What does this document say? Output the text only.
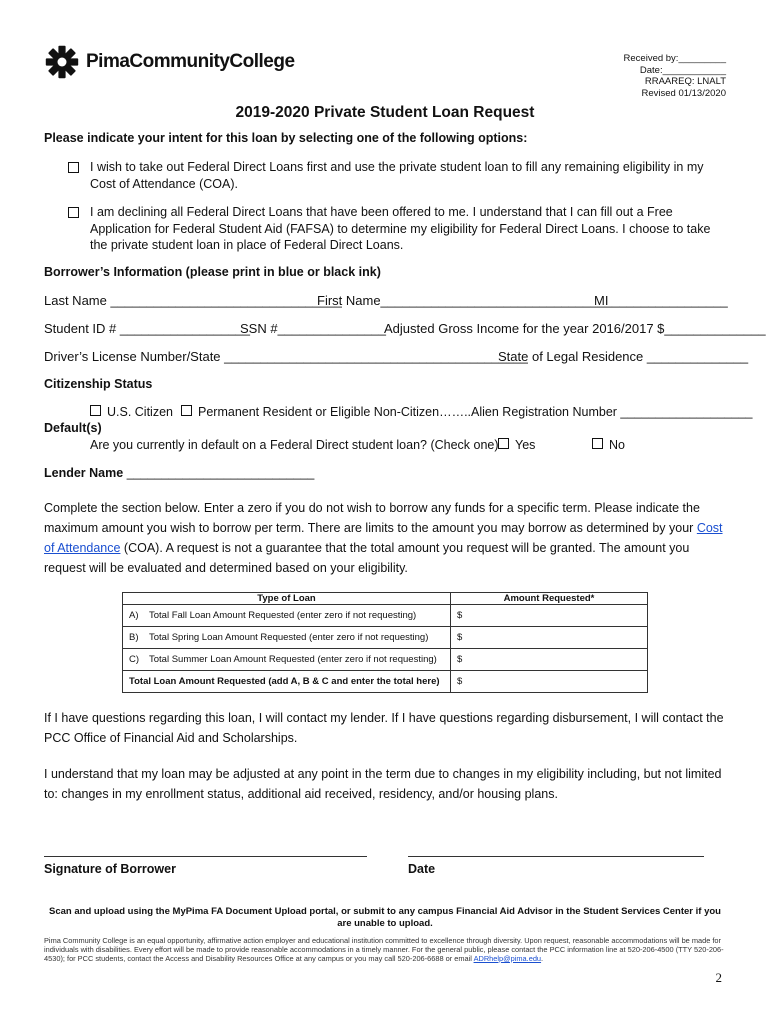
PimaCommunityCollege	Received by:_________
Date:____________
RRAAREQ: LNALT
Revised 01/13/2020
2019-2020 Private Student Loan Request
Please indicate your intent for this loan by selecting one of the following options:
I wish to take out Federal Direct Loans first and use the private student loan to fill any remaining eligibility in my Cost of Attendance (COA).
I am declining all Federal Direct Loans that have been offered to me. I understand that I can fill out a Free Application for Federal Student Aid (FAFSA) to determine my eligibility for Federal Direct Loans. I choose to take the private student loan in place of Federal Direct Loans.
Borrower’s Information (please print in blue or black ink)
Last Name ________________________________
First Name________________________________
MI ________________
Student ID # __________________
SSN #_______________
Adjusted Gross Income for the year 2016/2017 $______________
Driver’s License Number/State __________________________________________
State of Legal Residence ______________
Citizenship Status
U.S. Citizen	Permanent Resident or Eligible Non-Citizen……..Alien Registration Number ___________________
Default(s)
Are you currently in default on a Federal Direct student loan? (Check one)	Yes	No
Lender Name ___________________________
Complete the section below. Enter a zero if you do not wish to borrow any funds for a specific term. Please indicate the maximum amount you wish to borrow per term. There are limits to the amount you may borrow as determined by your Cost of Attendance (COA). A request is not a guarantee that the total amount you request will be granted. The amount you request will be evaluated and determined based on your eligibility.
Type of Loan	Amount Requested*
A) Total Fall Loan Amount Requested (enter zero if not requesting)	$
B) Total Spring Loan Amount Requested (enter zero if not requesting)	$
C) Total Summer Loan Amount Requested (enter zero if not requesting)	$
Total Loan Amount Requested (add A, B & C and enter the total here)	$
If I have questions regarding this loan, I will contact my lender. If I have questions regarding disbursement, I will contact the PCC Office of Financial Aid and Scholarships.
I understand that my loan may be adjusted at any point in the term due to changes in my eligibility including, but not limited to: changes in my enrollment status, additional aid received, residency, and/or housing plans.
Signature of Borrower	Date
Scan and upload using the MyPima FA Document Upload portal, or submit to any campus Financial Aid Advisor in the Student Services Center if you are unable to upload.
Pima Community College is an equal opportunity, affirmative action employer and educational institution committed to excellence through diversity. Upon request, reasonable accommodations will be made for individuals with disabilities. Every effort will be made to provide reasonable accommodations in a timely manner. For the general public, please contact the PCC information line at 520-206-4500 (TTY 520-206-4530); for PCC students, contact the Access and Disability Resources Office at any campus or you may call 520-206-6688 or email ADRhelp@pima.edu.
2
